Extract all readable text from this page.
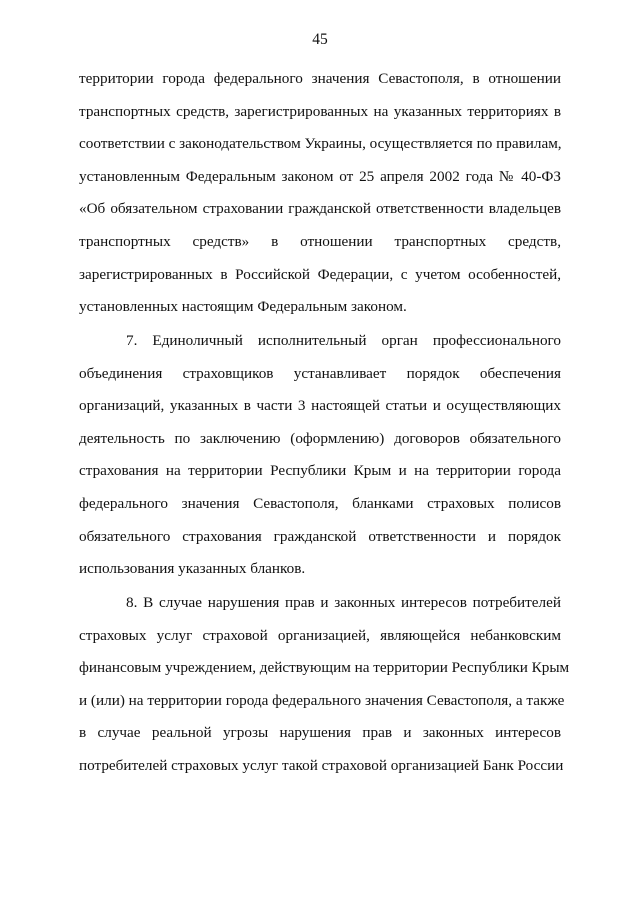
45
территории города федерального значения Севастополя, в отношении
транспортных средств, зарегистрированных на указанных территориях в
соответствии с законодательством Украины, осуществляется по правилам,
установленным Федеральным законом от 25 апреля 2002 года № 40-ФЗ
«Об обязательном страховании гражданской ответственности владельцев
транспортных средств» в отношении транспортных средств,
зарегистрированных в Российской Федерации, с учетом особенностей,
установленных настоящим Федеральным законом.
7. Единоличный исполнительный орган профессионального
объединения страховщиков устанавливает порядок обеспечения
организаций, указанных в части 3 настоящей статьи и осуществляющих
деятельность по заключению (оформлению) договоров обязательного
страхования на территории Республики Крым и на территории города
федерального значения Севастополя, бланками страховых полисов
обязательного страхования гражданской ответственности и порядок
использования указанных бланков.
8. В случае нарушения прав и законных интересов потребителей
страховых услуг страховой организацией, являющейся небанковским
финансовым учреждением, действующим на территории Республики Крым
и (или) на территории города федерального значения Севастополя, а также
в случае реальной угрозы нарушения прав и законных интересов
потребителей страховых услуг такой страховой организацией Банк России
